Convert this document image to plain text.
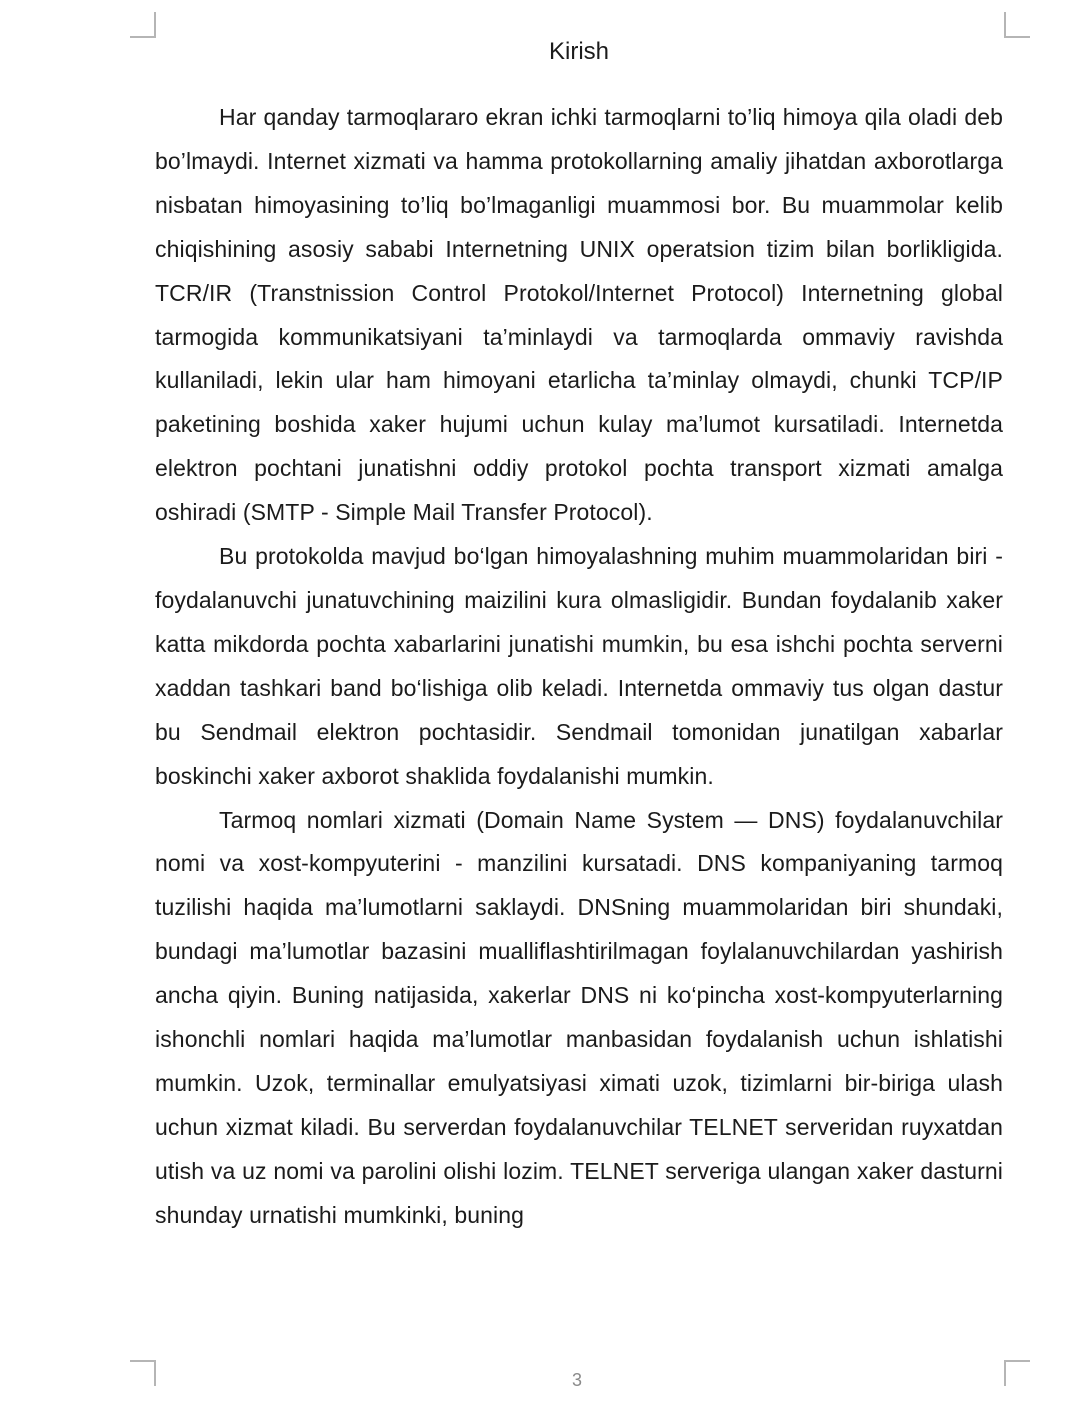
Kirish

Har qanday tarmoqlararo ekran ichki tarmoqlarni to’liq himoya qila oladi deb bo’lmaydi. Internet xizmati va hamma protokollarning amaliy jihatdan axborotlarga nisbatan himoyasining to’liq bo’lmaganligi muammosi bor. Bu muammolar kelib chiqishining asosiy sababi Internetning UNIX operatsion tizim bilan borlikligida. TCR/IR (Transtnission Control Protokol/Internet Protocol) Internetning global tarmogida kommunikatsiyani ta’minlaydi va tarmoqlarda ommaviy ravishda kullaniladi, lekin ular ham himoyani etarlicha ta’minlay olmaydi, chunki TCP/IP paketining boshida xaker hujumi uchun kulay ma’lumot kursatiladi. Internetda elektron pochtani junatishni oddiy protokol pochta transport xizmati amalga oshiradi (SMTP - Simple Mail Transfer Protocol).

Bu protokolda mavjud bo‘lgan himoyalashning muhim muammolaridan biri - foydalanuvchi junatuvchining maizilini kura olmasligidir. Bundan foydalanib xaker katta mikdorda pochta xabarlarini junatishi mumkin, bu esa ishchi pochta serverni xaddan tashkari band bo‘lishiga olib keladi. Internetda ommaviy tus olgan dastur bu Sendmail elektron pochtasidir. Sendmail tomonidan junatilgan xabarlar boskinchi xaker axborot shaklida foydalanishi mumkin.

Tarmoq nomlari xizmati (Domain Name System — DNS) foydalanuvchilar nomi va xost-kompyuterini - manzilini kursatadi. DNS kompaniyaning tarmoq tuzilishi haqida ma’lumotlarni saklaydi. DNSning muammolaridan biri shundaki, bundagi ma’lumotlar bazasini mualliflashtirilmagan foylalanuvchilardan yashirish ancha qiyin. Buning natijasida, xakerlar DNS ni ko‘pincha xost-kompyuterlarning ishonchli nomlari haqida ma’lumotlar manbasidan foydalanish uchun ishlatishi mumkin. Uzok, terminallar emulyatsiyasi ximati uzok, tizimlarni bir-biriga ulash uchun xizmat kiladi. Bu serverdan foydalanuvchilar TELNET serveridan ruyxatdan utish va uz nomi va parolini olishi lozim. TELNET serveriga ulangan xaker dasturni shunday urnatishi mumkinki, buning

3
